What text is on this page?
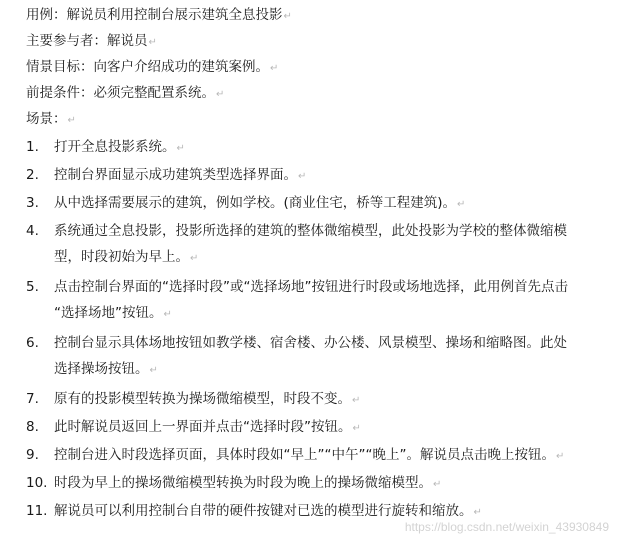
用例：解说员利用控制台展示建筑全息投影↵
主要参与者：解说员↵
情景目标：向客户介绍成功的建筑案例。↵
前提条件：必须完整配置系统。↵
场景：↵
1.	打开全息投影系统。↵
2.	控制台界面显示成功建筑类型选择界面。↵
3.	从中选择需要展示的建筑，例如学校。(商业住宅，桥等工程建筑)。↵
4.	系统通过全息投影，投影所选择的建筑的整体微缩模型，此处投影为学校的整体微缩模
型，时段初始为早上。↵
5.	点击控制台界面的“选择时段”或“选择场地”按钮进行时段或场地选择，此用例首先点击
“选择场地”按钮。↵
6.	控制台显示具体场地按钮如教学楼、宿舍楼、办公楼、风景模型、操场和缩略图。此处
选择操场按钮。↵
7.	原有的投影模型转换为操场微缩模型，时段不变。↵
8.	此时解说员返回上一界面并点击“选择时段”按钮。↵
9.	控制台进入时段选择页面，具体时段如“早上”“中午”“晚上”。解说员点击晚上按钮。↵
10. 时段为早上的操场微缩模型转换为时段为晚上的操场微缩模型。↵
11. 解说员可以利用控制台自带的硬件按键对已选的模型进行旋转和缩放。↵
https://blog.csdn.net/weixin_43930849
